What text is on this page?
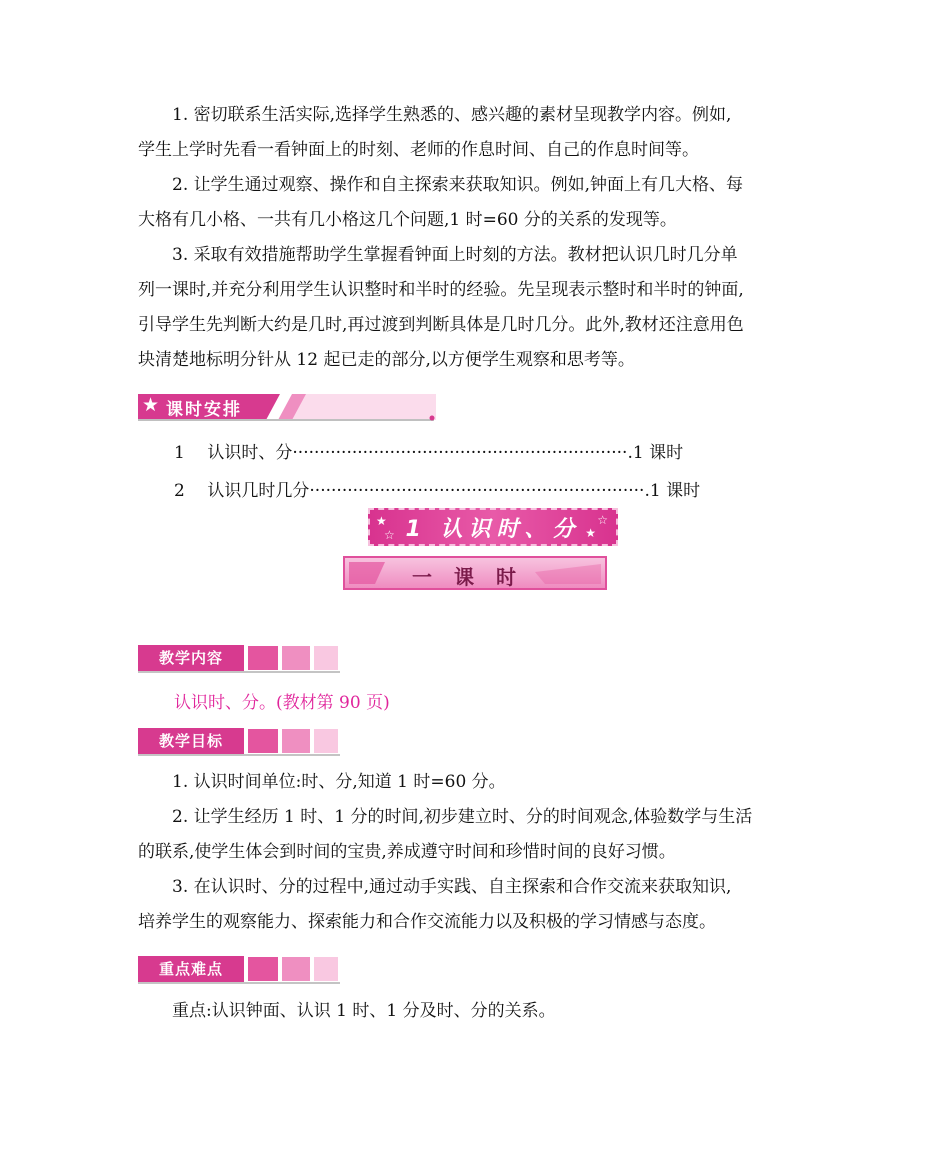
1. 密切联系生活实际,选择学生熟悉的、感兴趣的素材呈现教学内容。例如,

学生上学时先看一看钟面上的时刻、老师的作息时间、自己的作息时间等。

2. 让学生通过观察、操作和自主探索来获取知识。例如,钟面上有几大格、每

大格有几小格、一共有几小格这几个问题,1 时=60 分的关系的发现等。

3. 采取有效措施帮助学生掌握看钟面上时刻的方法。教材把认识几时几分单

列一课时,并充分利用学生认识整时和半时的经验。先呈现表示整时和半时的钟面,

引导学生先判断大约是几时,再过渡到判断具体是几时几分。此外,教材还注意用色

块清楚地标明分针从 12 起已走的部分,以方便学生观察和思考等。

★ 课时安排
1 认识时、分······························································.1 课时
2 认识几时几分······························································.1 课时
★
☆
☆
★
1 认识时、分
一课时
教学内容
认识时、分。(教材第 90 页)
教学目标

1. 认识时间单位:时、分,知道 1 时=60 分。

2. 让学生经历 1 时、1 分的时间,初步建立时、分的时间观念,体验数学与生活

的联系,使学生体会到时间的宝贵,养成遵守时间和珍惜时间的良好习惯。

3. 在认识时、分的过程中,通过动手实践、自主探索和合作交流来获取知识,

培养学生的观察能力、探索能力和合作交流能力以及积极的学习情感与态度。

重点难点

重点:认识钟面、认识 1 时、1 分及时、分的关系。
